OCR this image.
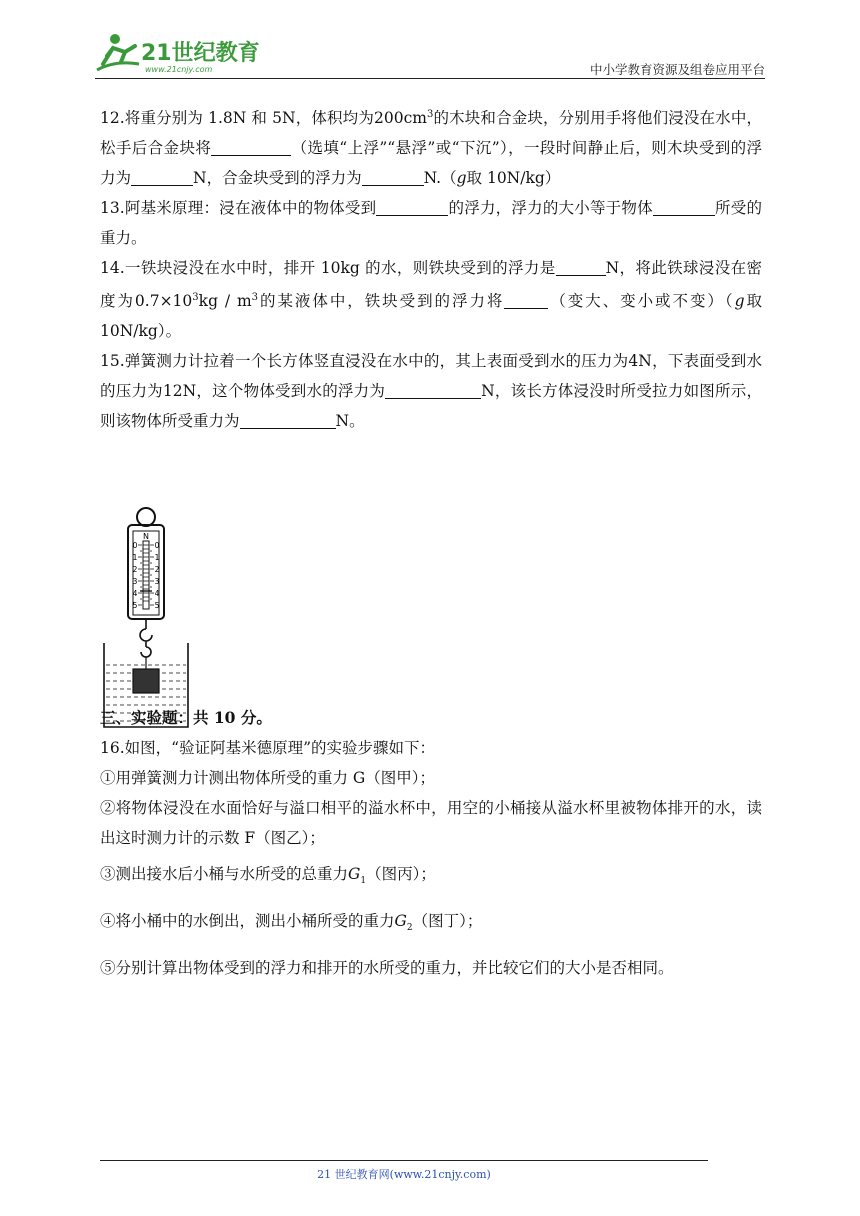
21世纪教育
www.21cnjy.com	中小学教育资源及组卷应用平台

12.将重分别为 1.8N 和 5N，体积均为$200cm^3$的木块和合金块，分别用手将他们浸没在水中，松手后合金块将	（选填“上浮”“悬浮”或“下沉”），一段时间静止后，则木块受到的浮力为	N，合金块受到的浮力为	N.（g取 10N/kg）

13.阿基米原理：浸在液体中的物体受到	的浮力，浮力的大小等于物体	所受的重力。

14.一铁块浸没在水中时，排开 10kg 的水，则铁块受到的浮力是	N，将此铁球浸没在密度为$0.7\times 10^3kg / m^3$的某液体中，铁块受到的浮力将	（变大、变小或不变）（g取 10N/kg）。

15.弹簧测力计拉着一个长方体竖直浸没在水中的，其上表面受到水的压力为4N，下表面受到水的压力为12N，这个物体受到水的浮力为	N，该长方体浸没时所受拉力如图所示，则该物体所受重力为	N。

三、实验题：共 10 分。

16.如图，“验证阿基米德原理”的实验步骤如下：

①用弹簧测力计测出物体所受的重力 G（图甲）；

②将物体浸没在水面恰好与溢口相平的溢水杯中，用空的小桶接从溢水杯里被物体排开的水，读出这时测力计的示数 F（图乙）；

③测出接水后小桶与水所受的总重力$G_1$（图丙）；

④将小桶中的水倒出，测出小桶所受的重力$G_2$（图丁）；

⑤分别计算出物体受到的浮力和排开的水所受的重力，并比较它们的大小是否相同。

N
0
1
2
3
4
5
0
1
2
3
4
5
21 世纪教育网(www.21cnjy.com)
